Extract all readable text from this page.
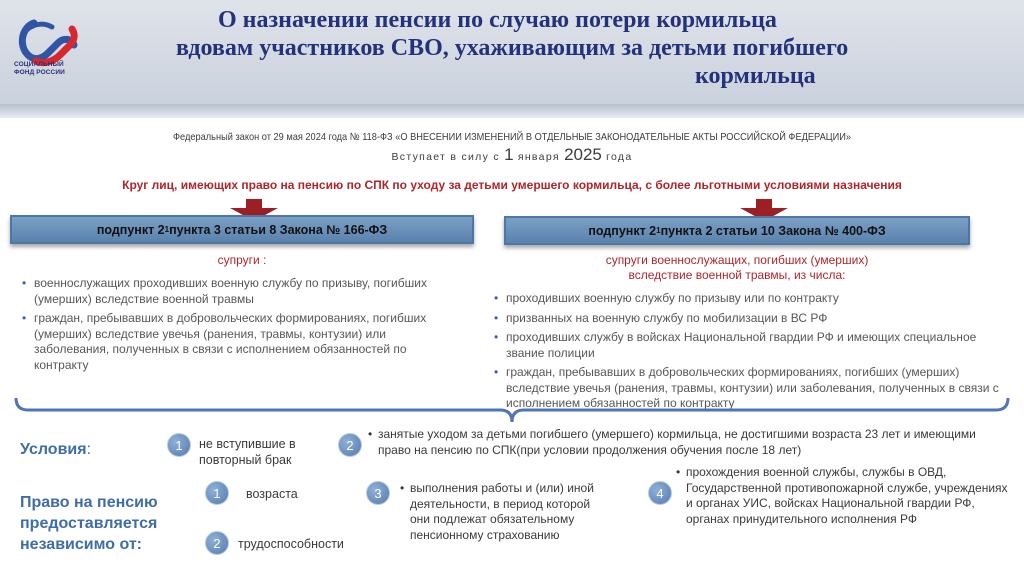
СОЦИАЛЬНЫЙ
ФОНД РОССИИ
О назначении пенсии по случаю потери кормильца
вдовам участников СВО, ухаживающим за детьми погибшего
кормильца
Федеральный закон от 29 мая 2024 года № 118-ФЗ «О ВНЕСЕНИИ ИЗМЕНЕНИЙ В ОТДЕЛЬНЫЕ ЗАКОНОДАТЕЛЬНЫЕ АКТЫ РОССИЙСКОЙ ФЕДЕРАЦИИ»
Вступает в силу с 1 января 2025 года
Круг лиц, имеющих право на пенсию по СПК по уходу за детьми умершего кормильца, с более льготными условиями назначения
подпункт 2 1 пункта 3 статьи 8 Закона № 166-ФЗ	подпункт 2 1 пункта 2 статьи 10 Закона № 400-ФЗ
супруги :
• военнослужащих проходивших военную службу по призыву, погибших (умерших) вследствие военной травмы
• граждан, пребывавших в добровольческих формированиях, погибших (умерших) вследствие увечья (ранения, травмы, контузии) или заболевания, полученных в связи с исполнением обязанностей по контракту
супруги военнослужащих, погибших (умерших)
вследствие военной травмы, из числа:
• проходивших военную службу по призыву или по контракту
• призванных на военную службу по мобилизации в ВС РФ
• проходивших службу в войсках Национальной гвардии РФ и имеющих специальное звание полиции
• граждан, пребывавших в добровольческих формированиях, погибших (умерших) вследствие увечья (ранения, травмы, контузии) или заболевания, полученных в связи с исполнением обязанностей по контракту
Условия:	1 не вступившие в повторный брак
2
• занятые уходом за детьми погибшего (умершего) кормильца, не достигшими возраста 23 лет и имеющими право на пенсию по СПК(при условии продолжения обучения после 18 лет)
Право на пенсию предоставляется независимо от:
1 возраста
2 трудоспособности
3
•	выполнения работы и (или) иной деятельности, в период которой они подлежат обязательному пенсионному страхованию
4
• прохождения военной службы, службы в ОВД, Государственной противопожарной службе, учреждениях и органах УИС, войсках Национальной гвардии РФ, органах принудительного исполнения РФ
